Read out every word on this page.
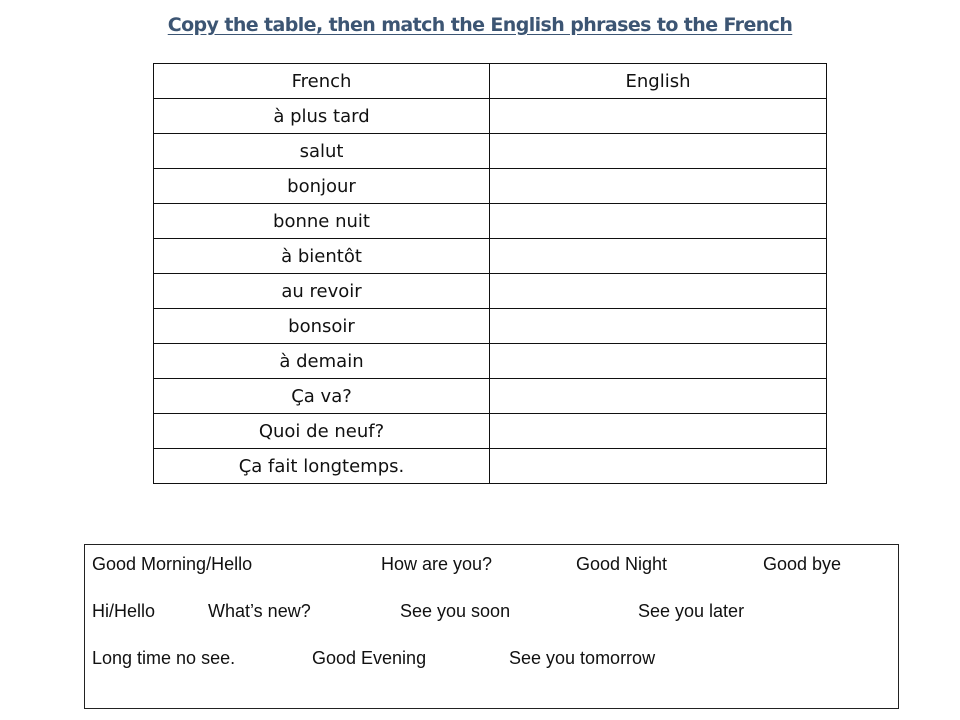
Copy the table, then match the English phrases to the French
French	English
à plus tard	
salut	
bonjour	
bonne nuit	
à bientôt	
au revoir	
bonsoir	
à demain	
Ça va?	
Quoi de neuf?	
Ça fait longtemps.	
Good Morning/Hello	How are you?	Good Night	Good bye
Hi/Hello	What’s new?	See you soon	See you later
Long time no see.	Good Evening	See you tomorrow
